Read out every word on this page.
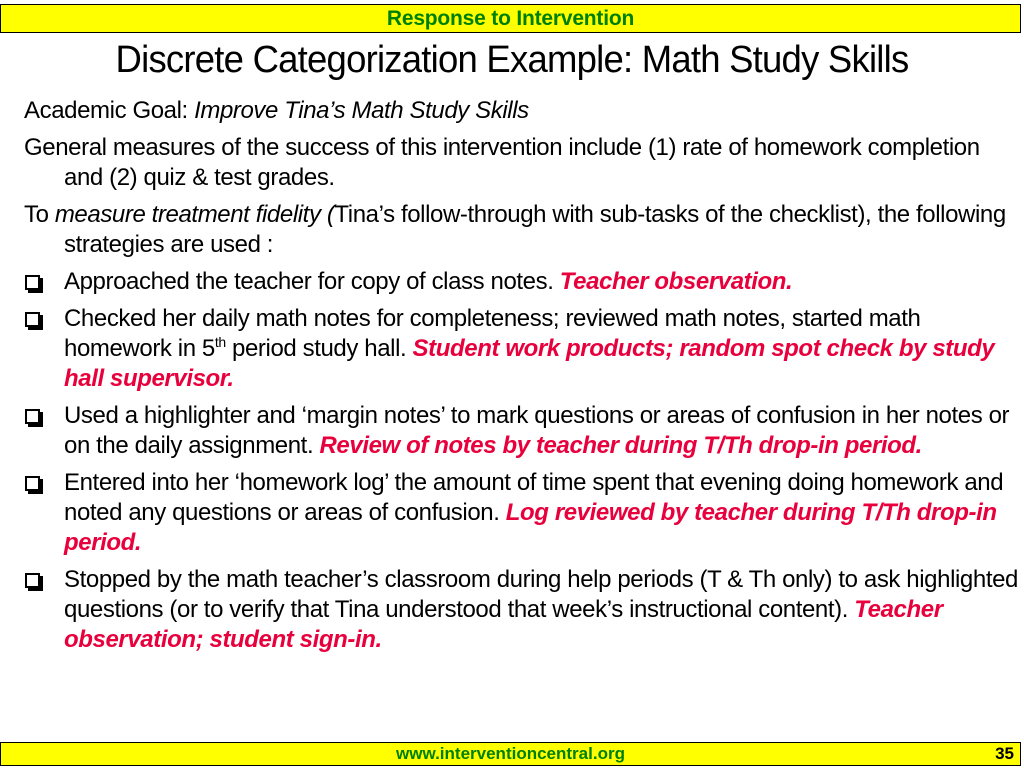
Response to Intervention
Discrete Categorization Example: Math Study Skills
Academic Goal: Improve Tina’s Math Study Skills
General measures of the success of this intervention include (1) rate of homework completion and (2) quiz & test grades.
To measure treatment fidelity (Tina’s follow-through with sub-tasks of the checklist), the following strategies are used :
Approached the teacher for copy of class notes. Teacher observation.
Checked her daily math notes for completeness; reviewed math notes, started math homework in 5th period study hall. Student work products; random spot check by study hall supervisor.
Used a highlighter and ‘margin notes’ to mark questions or areas of confusion in her notes or on the daily assignment. Review of notes by teacher during T/Th drop-in period.
Entered into her ‘homework log’ the amount of time spent that evening doing homework and noted any questions or areas of confusion. Log reviewed by teacher during T/Th drop-in period.
Stopped by the math teacher’s classroom during help periods (T & Th only) to ask highlighted questions (or to verify that Tina understood that week’s instructional content). Teacher observation; student sign-in.
www.interventioncentral.org	35
